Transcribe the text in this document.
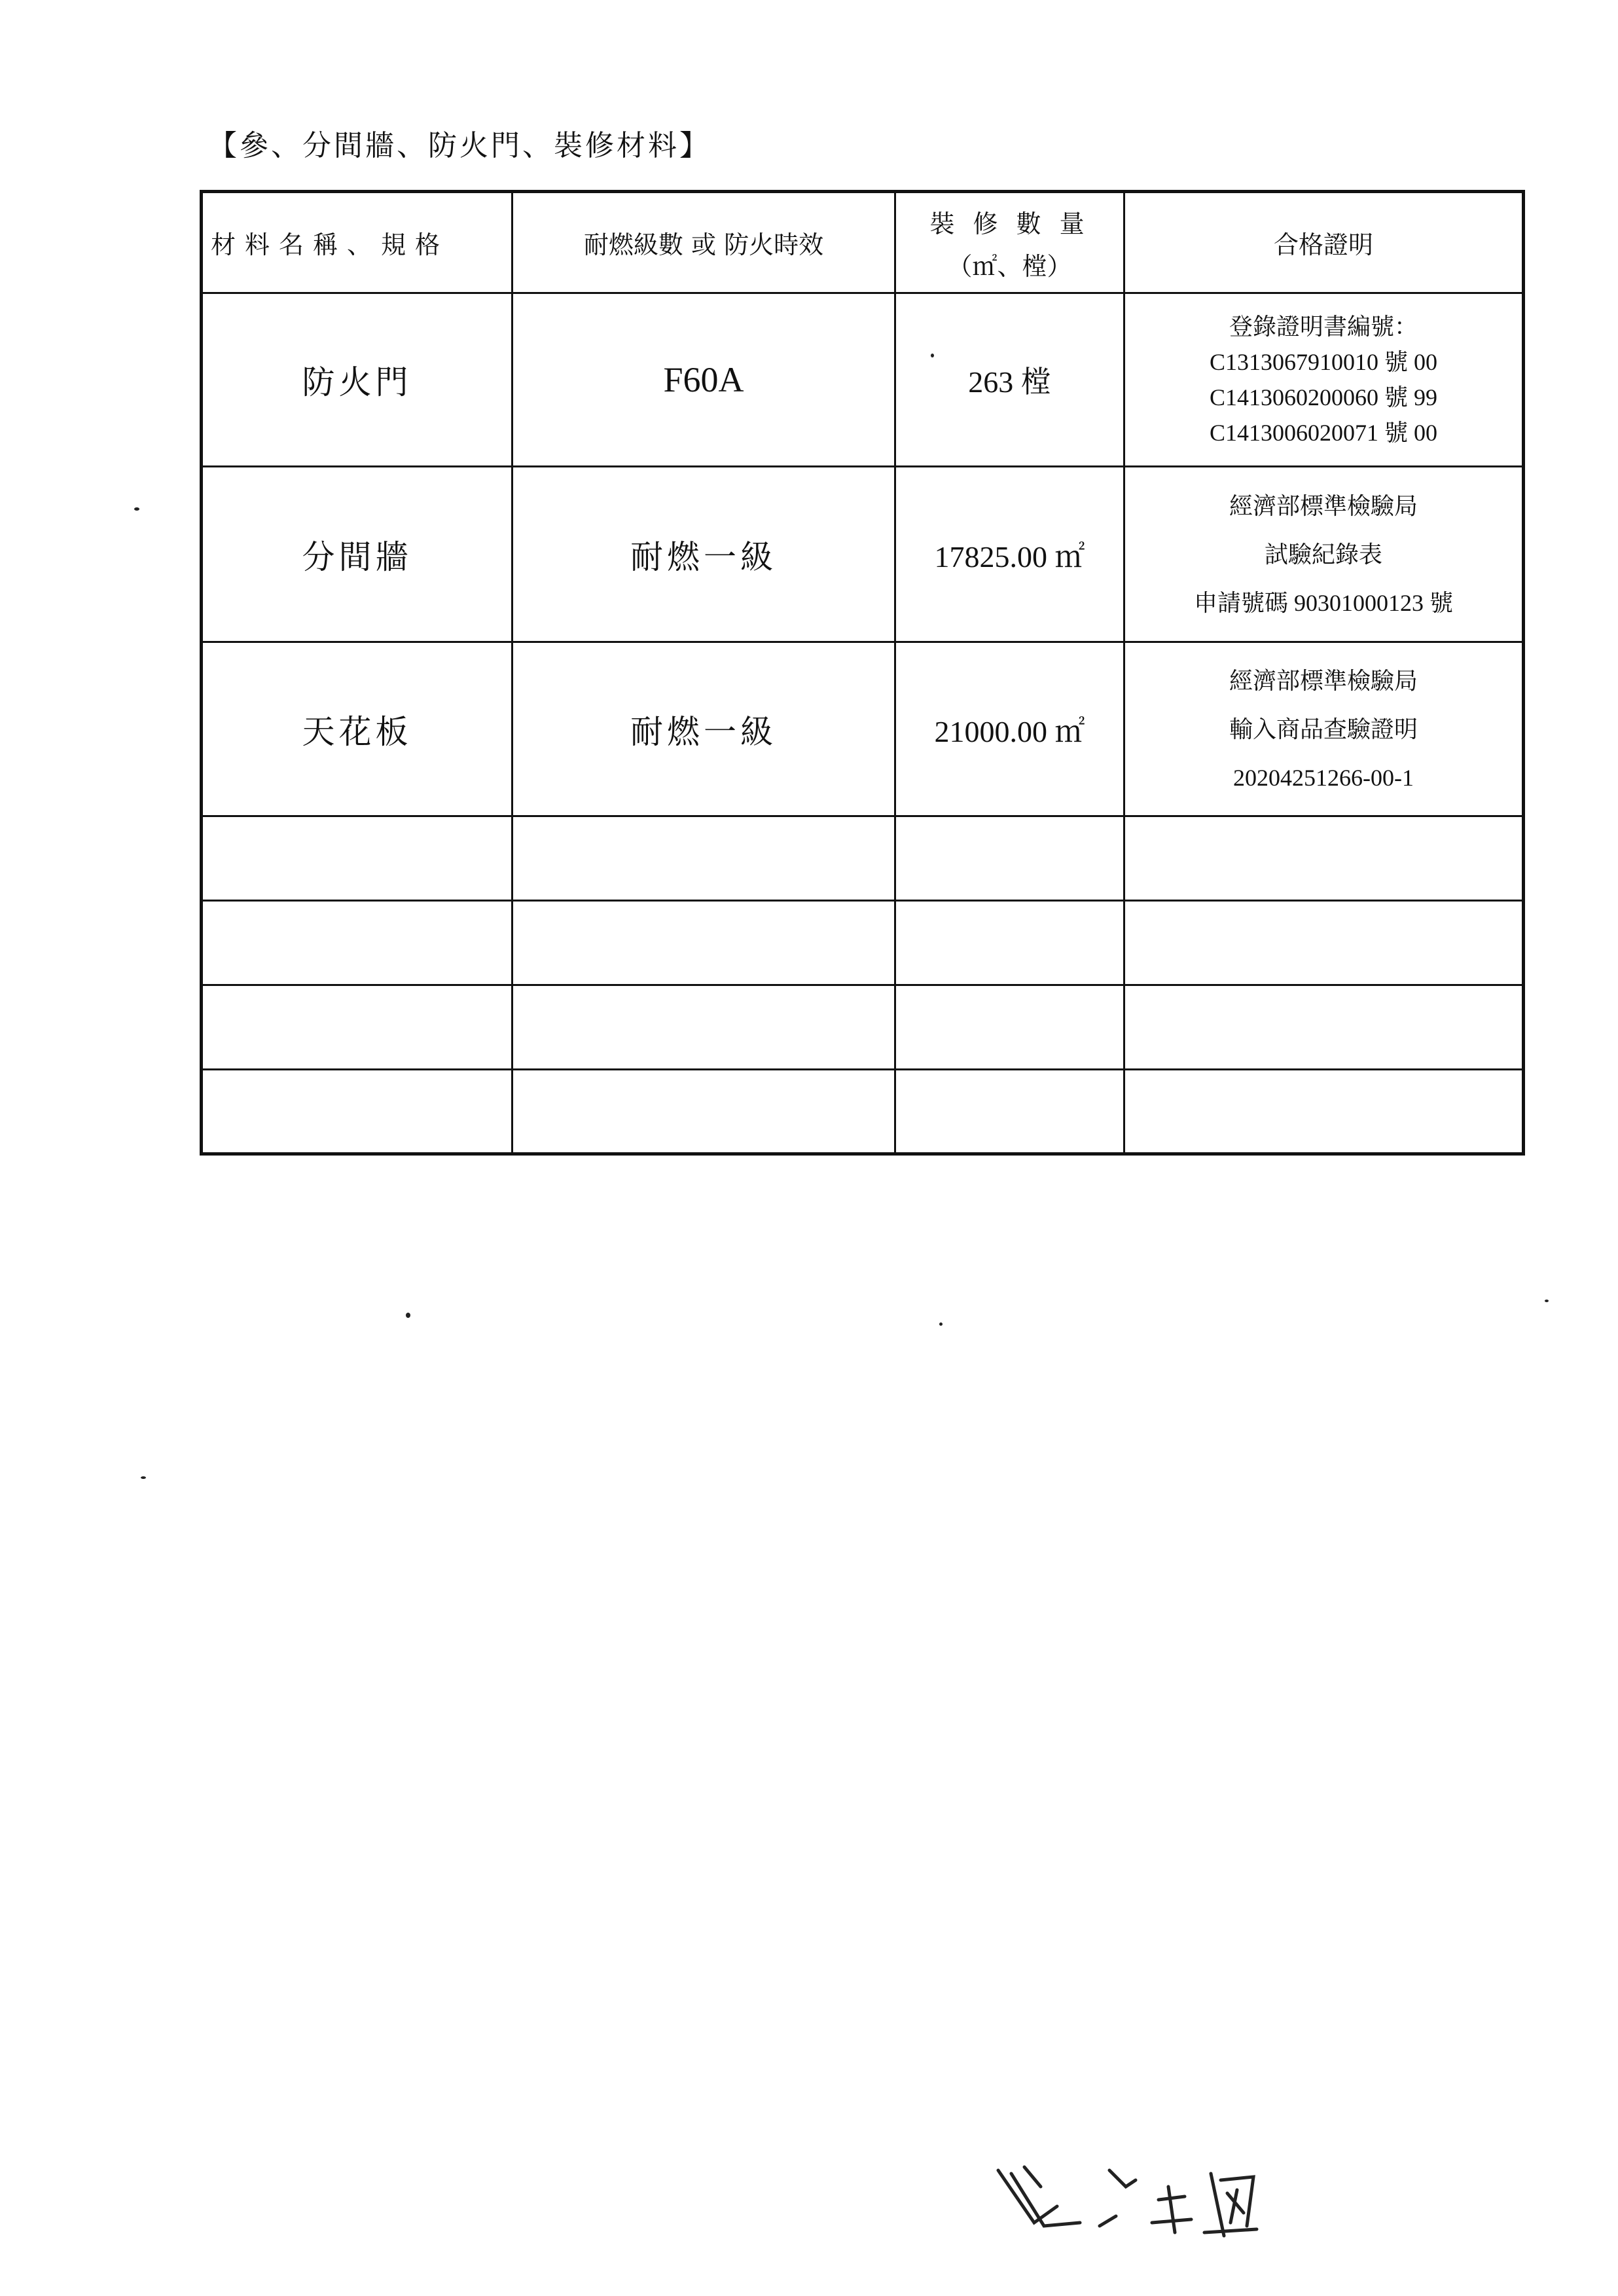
【參、分間牆、防火門、裝修材料】
材料名稱、規格	耐燃級數 或 防火時效	裝 修 數 量
（㎡、樘）	合格證明
防火門	F60A	263 樘	登錄證明書編號：
C1313067910010 號 00
C1413060200060 號 99
C1413006020071 號 00

分間牆	耐燃一級	17825.00 ㎡	經濟部標準檢驗局
試驗紀錄表
申請號碼 90301000123 號

天花板	耐燃一級	21000.00 ㎡	經濟部標準檢驗局
輸入商品查驗證明
20204251266-00-1
